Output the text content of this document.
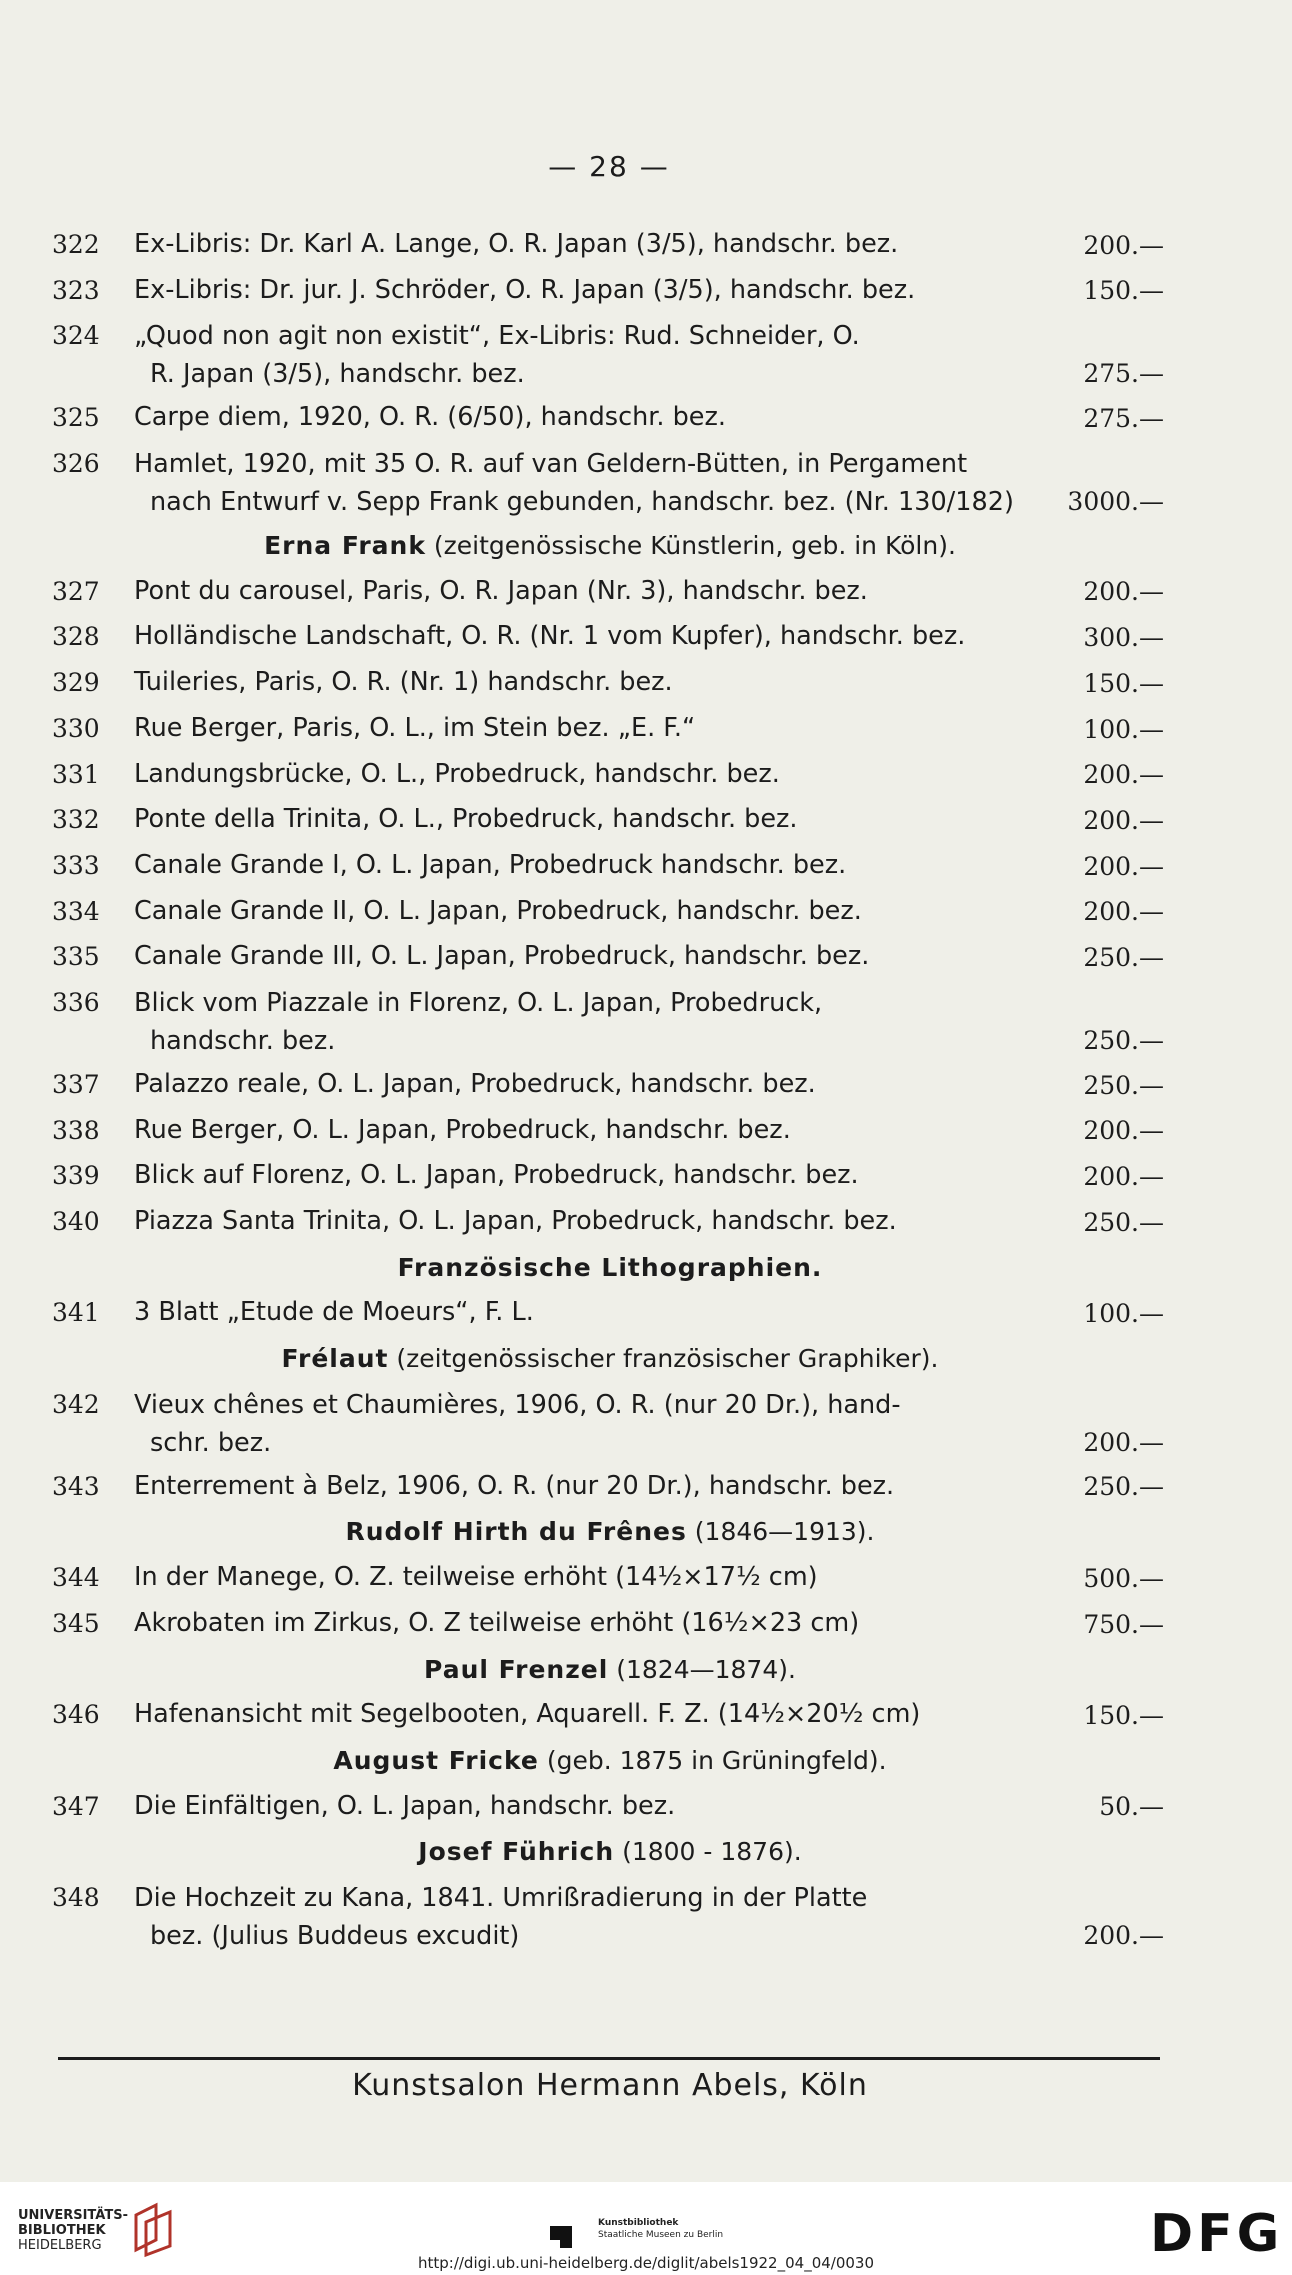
— 28 —
322	Ex-Libris: Dr. Karl A. Lange, O. R. Japan (3/5), handschr. bez.	200.—
323	Ex-Libris: Dr. jur. J. Schröder, O. R. Japan (3/5), handschr. bez.	150.—
324	„Quod non agit non existit“, Ex-Libris: Rud. Schneider, O.
R. Japan (3/5), handschr. bez.	275.—
325	Carpe diem, 1920, O. R. (6/50), handschr. bez.	275.—
326	Hamlet, 1920, mit 35 O. R. auf van Geldern-Bütten, in Pergament
nach Entwurf v. Sepp Frank gebunden, handschr. bez. (Nr. 130/182)	3000.—
Erna Frank (zeitgenössische Künstlerin, geb. in Köln).
327	Pont du carousel, Paris, O. R. Japan (Nr. 3), handschr. bez.	200.—
328	Holländische Landschaft, O. R. (Nr. 1 vom Kupfer), handschr. bez.	300.—
329	Tuileries, Paris, O. R. (Nr. 1) handschr. bez.	150.—
330	Rue Berger, Paris, O. L., im Stein bez. „E. F.“	100.—
331	Landungsbrücke, O. L., Probedruck, handschr. bez.	200.—
332	Ponte della Trinita, O. L., Probedruck, handschr. bez.	200.—
333	Canale Grande I, O. L. Japan, Probedruck handschr. bez.	200.—
334	Canale Grande II, O. L. Japan, Probedruck, handschr. bez.	200.—
335	Canale Grande III, O. L. Japan, Probedruck, handschr. bez.	250.—
336	Blick vom Piazzale in Florenz, O. L. Japan, Probedruck,
handschr. bez.	250.—
337	Palazzo reale, O. L. Japan, Probedruck, handschr. bez.	250.—
338	Rue Berger, O. L. Japan, Probedruck, handschr. bez.	200.—
339	Blick auf Florenz, O. L. Japan, Probedruck, handschr. bez.	200.—
340	Piazza Santa Trinita, O. L. Japan, Probedruck, handschr. bez.	250.—
Französische Lithographien.
341	3 Blatt „Etude de Moeurs“, F. L.	100.—
Frélaut (zeitgenössischer französischer Graphiker).
342	Vieux chênes et Chaumières, 1906, O. R. (nur 20 Dr.), hand-
schr. bez.	200.—
343	Enterrement à Belz, 1906, O. R. (nur 20 Dr.), handschr. bez.	250.—
Rudolf Hirth du Frênes (1846—1913).
344	In der Manege, O. Z. teilweise erhöht (14½×17½ cm)	500.—
345	Akrobaten im Zirkus, O. Z teilweise erhöht (16½×23 cm)	750.—
Paul Frenzel (1824—1874).
346	Hafenansicht mit Segelbooten, Aquarell. F. Z. (14½×20½ cm)	150.—
August Fricke (geb. 1875 in Grüningfeld).
347	Die Einfältigen, O. L. Japan, handschr. bez.	50.—
Josef Führich (1800 - 1876).
348	Die Hochzeit zu Kana, 1841. Umrißradierung in der Platte
bez. (Julius Buddeus excudit)	200.—
Kunstsalon Hermann Abels, Köln
UNIVERSITÄTS-
BIBLIOTHEK
HEIDELBERG
Kunstbibliothek
Staatliche Museen zu Berlin	DFG
http://digi.ub.uni-heidelberg.de/diglit/abels1922_04_04/0030
